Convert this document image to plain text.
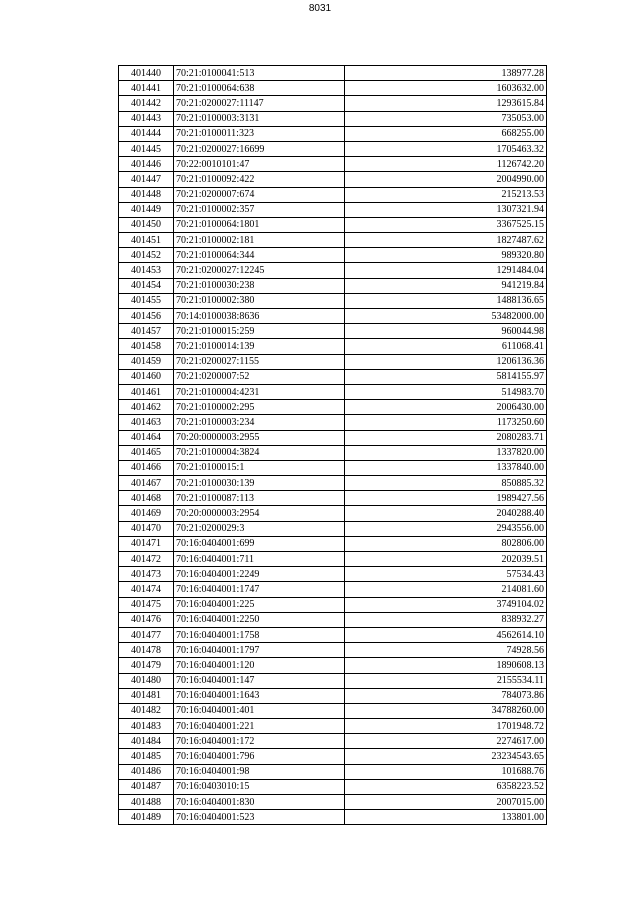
8031
401440	70:21:0100041:513	138977.28
401441	70:21:0100064:638	1603632.00
401442	70:21:0200027:11147	1293615.84
401443	70:21:0100003:3131	735053.00
401444	70:21:0100011:323	668255.00
401445	70:21:0200027:16699	1705463.32
401446	70:22:0010101:47	1126742.20
401447	70:21:0100092:422	2004990.00
401448	70:21:0200007:674	215213.53
401449	70:21:0100002:357	1307321.94
401450	70:21:0100064:1801	3367525.15
401451	70:21:0100002:181	1827487.62
401452	70:21:0100064:344	989320.80
401453	70:21:0200027:12245	1291484.04
401454	70:21:0100030:238	941219.84
401455	70:21:0100002:380	1488136.65
401456	70:14:0100038:8636	53482000.00
401457	70:21:0100015:259	960044.98
401458	70:21:0100014:139	611068.41
401459	70:21:0200027:1155	1206136.36
401460	70:21:0200007:52	5814155.97
401461	70:21:0100004:4231	514983.70
401462	70:21:0100002:295	2006430.00
401463	70:21:0100003:234	1173250.60
401464	70:20:0000003:2955	2080283.71
401465	70:21:0100004:3824	1337820.00
401466	70:21:0100015:1	1337840.00
401467	70:21:0100030:139	850885.32
401468	70:21:0100087:113	1989427.56
401469	70:20:0000003:2954	2040288.40
401470	70:21:0200029:3	2943556.00
401471	70:16:0404001:699	802806.00
401472	70:16:0404001:711	202039.51
401473	70:16:0404001:2249	57534.43
401474	70:16:0404001:1747	214081.60
401475	70:16:0404001:225	3749104.02
401476	70:16:0404001:2250	838932.27
401477	70:16:0404001:1758	4562614.10
401478	70:16:0404001:1797	74928.56
401479	70:16:0404001:120	1890608.13
401480	70:16:0404001:147	2155534.11
401481	70:16:0404001:1643	784073.86
401482	70:16:0404001:401	34788260.00
401483	70:16:0404001:221	1701948.72
401484	70:16:0404001:172	2274617.00
401485	70:16:0404001:796	23234543.65
401486	70:16:0404001:98	101688.76
401487	70:16:0403010:15	6358223.52
401488	70:16:0404001:830	2007015.00
401489	70:16:0404001:523	133801.00
